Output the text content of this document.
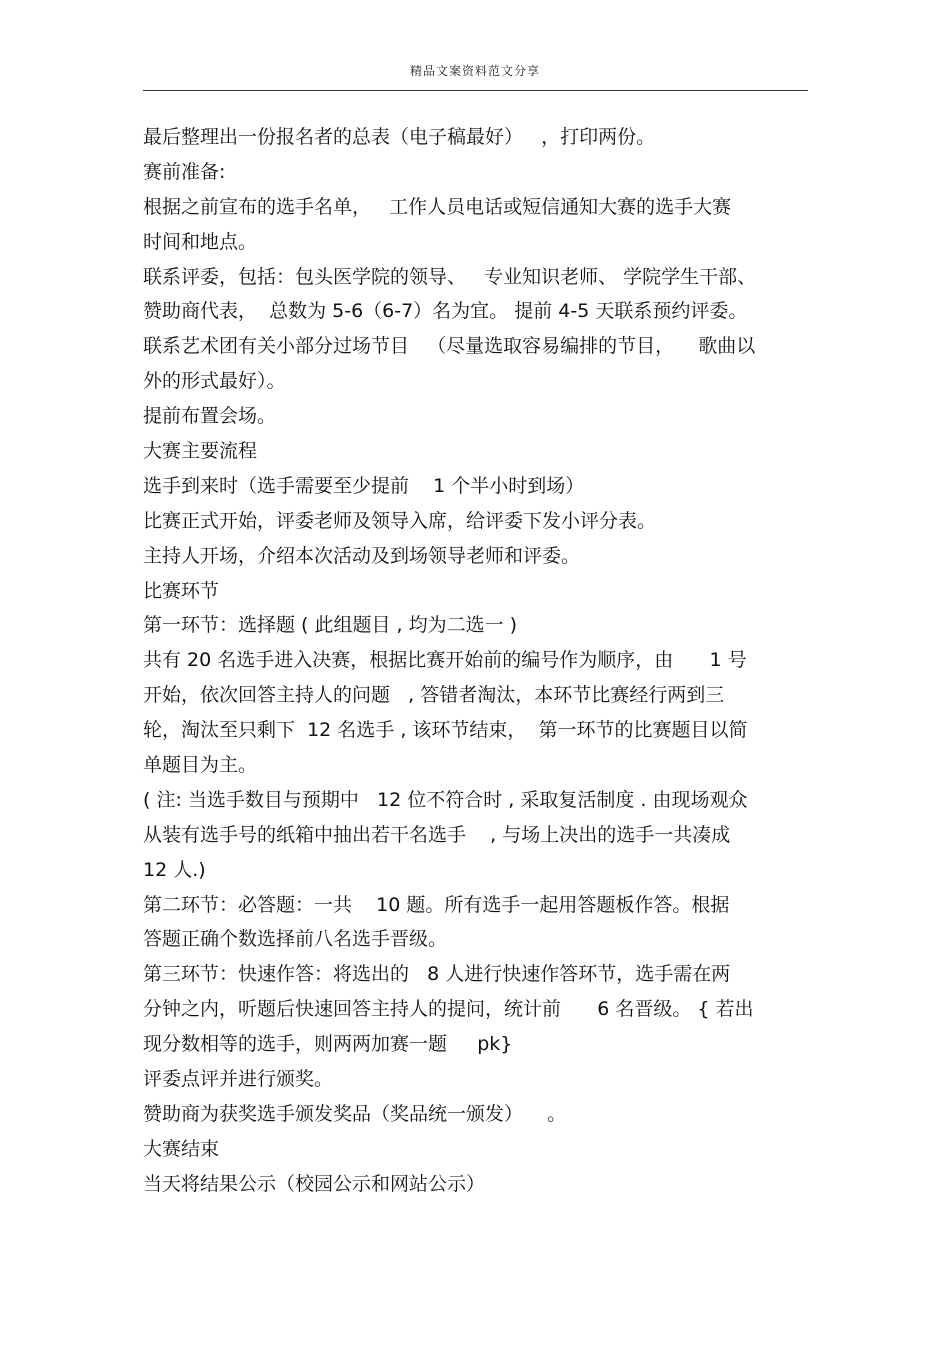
精品文案资料范文分享
最后整理出一份报名者的总表（电子稿最好）   ，打印两份。
赛前准备:
根据之前宣布的选手名单，   工作人员电话或短信通知大赛的选手大赛
时间和地点。
联系评委，包括：包头医学院的领导、   专业知识老师、 学院学生干部、
赞助商代表，  总数为 5-6（6-7）名为宜。 提前 4-5 天联系预约评委。
联系艺术团有关小部分过场节目   （尽量选取容易编排的节目，    歌曲以
外的形式最好）。
提前布置会场。
大赛主要流程
选手到来时（选手需要至少提前    1 个半小时到场）
比赛正式开始，评委老师及领导入席，给评委下发小评分表。
主持人开场，介绍本次活动及到场领导老师和评委。
比赛环节
第一环节：选择题 ( 此组题目 , 均为二选一 )
共有 20 名选手进入决赛，根据比赛开始前的编号作为顺序，由      1 号
开始，依次回答主持人的问题   , 答错者淘汰，本环节比赛经行两到三
轮，淘汰至只剩下  12 名选手 , 该环节结束，  第一环节的比赛题目以简
单题目为主。
( 注: 当选手数目与预期中   12 位不符合时 , 采取复活制度 . 由现场观众
从装有选手号的纸箱中抽出若干名选手    , 与场上决出的选手一共凑成
12 人.)
第二环节：必答题：一共    10 题。所有选手一起用答题板作答。根据
答题正确个数选择前八名选手晋级。
第三环节：快速作答：将选出的   8 人进行快速作答环节，选手需在两
分钟之内，听题后快速回答主持人的提问，统计前      6 名晋级。 { 若出
现分数相等的选手，则两两加赛一题     pk}
评委点评并进行颁奖。
赞助商为获奖选手颁发奖品（奖品统一颁发）    。
大赛结束
当天将结果公示（校园公示和网站公示）
